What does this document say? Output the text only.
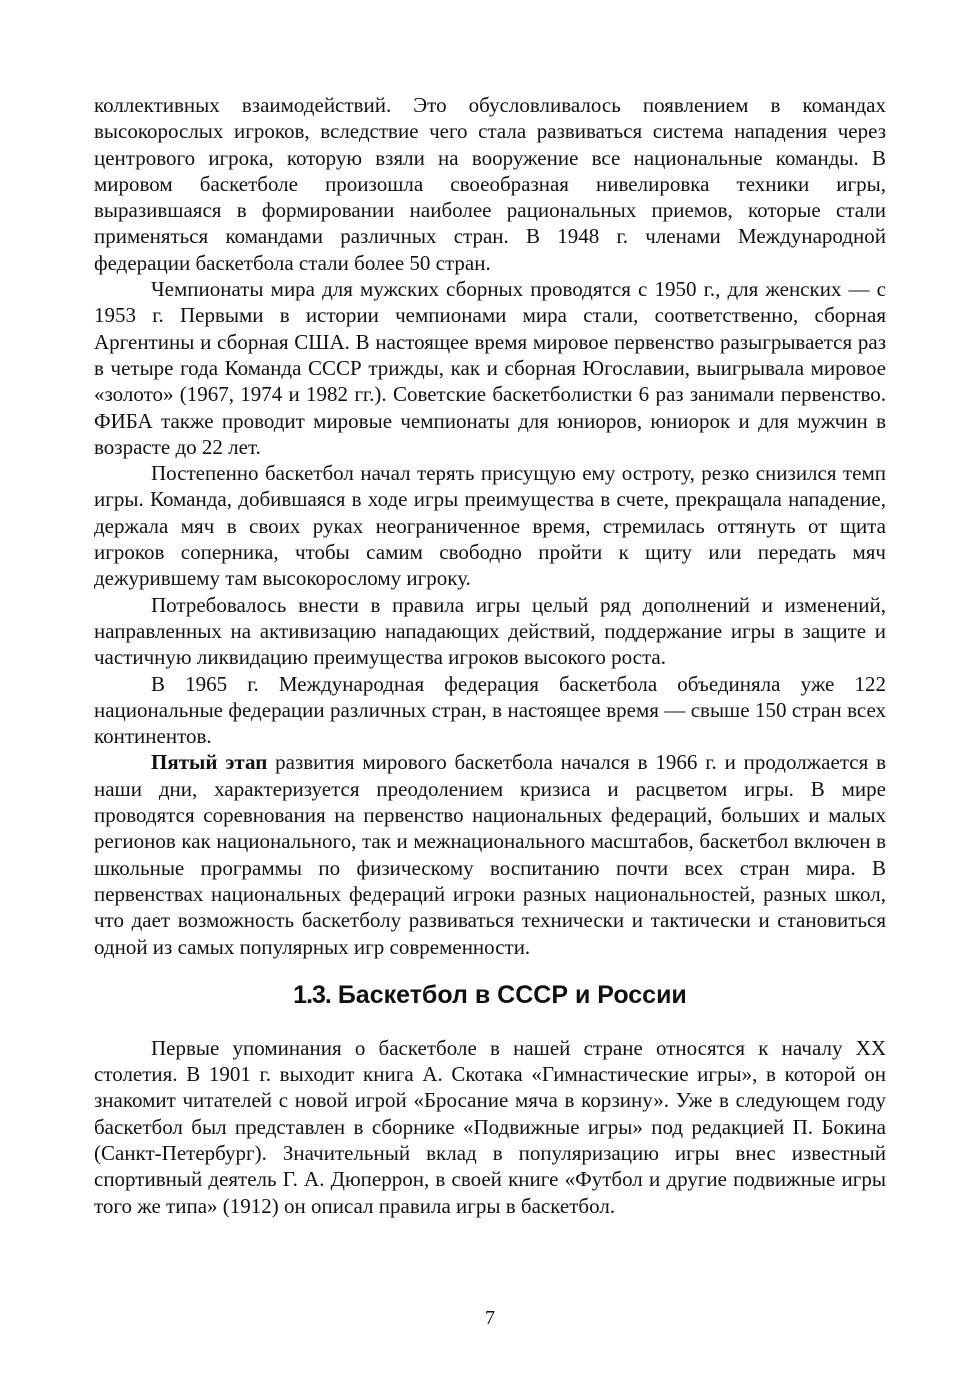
коллективных взаимодействий. Это обусловливалось появлением в командах высокорослых игроков, вследствие чего стала развиваться система нападения через центрового игрока, которую взяли на вооружение все национальные команды. В мировом баскетболе произошла своеобразная нивелировка техники игры, выразившаяся в формировании наиболее рациональных приемов, которые стали применяться командами различных стран. В 1948 г. членами Международной федерации баскетбола стали более 50 стран.

Чемпионаты мира для мужских сборных проводятся с 1950 г., для женских — с 1953 г. Первыми в истории чемпионами мира стали, соответственно, сборная Аргентины и сборная США. В настоящее время мировое первенство разыгрывается раз в четыре года Команда СССР трижды, как и сборная Югославии, выигрывала мировое «золото» (1967, 1974 и 1982 гг.). Советские баскетболистки 6 раз занимали первенство. ФИБА также проводит мировые чемпионаты для юниоров, юниорок и для мужчин в возрасте до 22 лет.

Постепенно баскетбол начал терять присущую ему остроту, резко снизился темп игры. Команда, добившаяся в ходе игры преимущества в счете, прекращала нападение, держала мяч в своих руках неограниченное время, стремилась оттянуть от щита игроков соперника, чтобы самим свободно пройти к щиту или передать мяч дежурившему там высокорослому игроку.

Потребовалось внести в правила игры целый ряд дополнений и изменений, направленных на активизацию нападающих действий, поддержание игры в защите и частичную ликвидацию преимущества игроков высокого роста.

В 1965 г. Международная федерация баскетбола объединяла уже 122 национальные федерации различных стран, в настоящее время — свыше 150 стран всех континентов.

Пятый этап развития мирового баскетбола начался в 1966 г. и продолжается в наши дни, характеризуется преодолением кризиса и расцветом игры. В мире проводятся соревнования на первенство национальных федераций, больших и малых регионов как национального, так и межнационального масштабов, баскетбол включен в школьные программы по физическому воспитанию почти всех стран мира. В первенствах национальных федераций игроки разных национальностей, разных школ, что дает возможность баскетболу развиваться технически и тактически и становиться одной из самых популярных игр современности.

1.3. Баскетбол в СССР и России

Первые упоминания о баскетболе в нашей стране относятся к началу XX столетия. В 1901 г. выходит книга А. Скотака «Гимнастические игры», в которой он знакомит читателей с новой игрой «Бросание мяча в корзину». Уже в следующем году баскетбол был представлен в сборнике «Подвижные игры» под редакцией П. Бокина (Санкт-Петербург). Значительный вклад в популяризацию игры внес известный спортивный деятель Г. А. Дюперрон, в своей книге «Футбол и другие подвижные игры того же типа» (1912) он описал правила игры в баскетбол.

7
